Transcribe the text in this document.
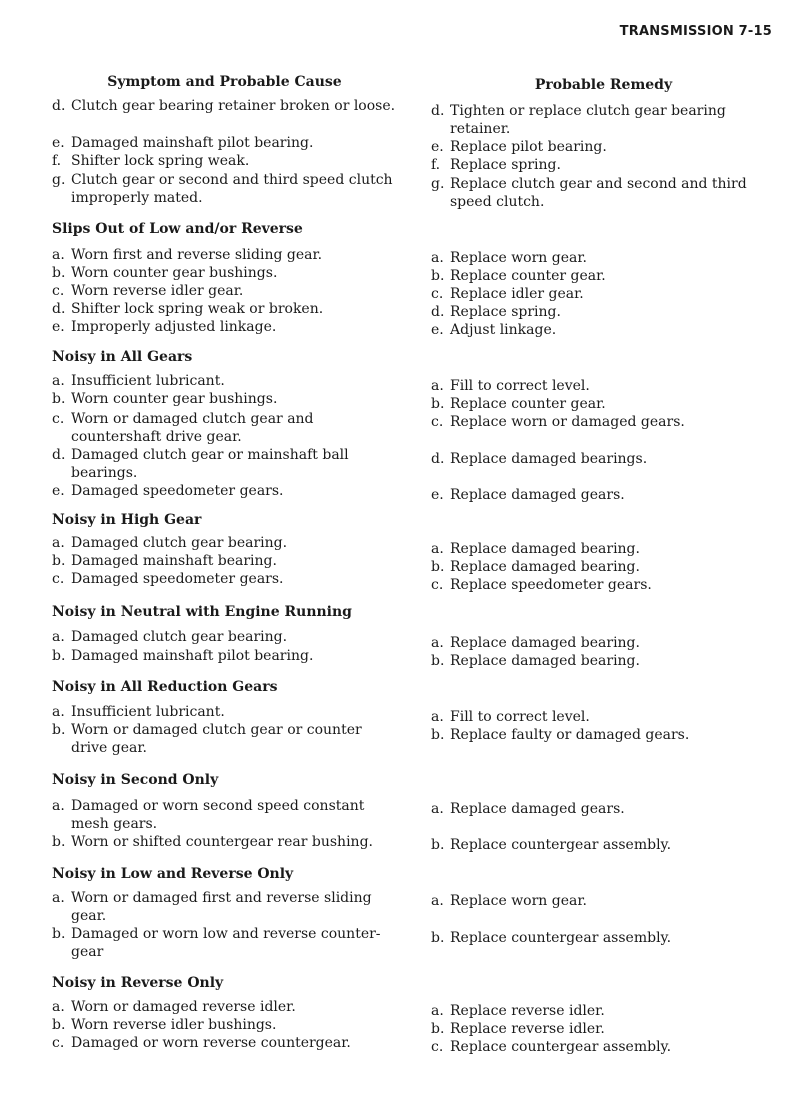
TRANSMISSION 7-15
Symptom and Probable Cause	Probable Remedy
d. Clutch gear bearing retainer broken or loose.
e. Damaged mainshaft pilot bearing.
f. Shifter lock spring weak.
g. Clutch gear or second and third speed clutch improperly mated.
d. Tighten or replace clutch gear bearing retainer.
e. Replace pilot bearing.
f. Replace spring.
g. Replace clutch gear and second and third speed clutch.
Slips Out of Low and/or Reverse
a. Worn first and reverse sliding gear.
b. Worn counter gear bushings.
c. Worn reverse idler gear.
d. Shifter lock spring weak or broken.
e. Improperly adjusted linkage.
a. Replace worn gear.
b. Replace counter gear.
c. Replace idler gear.
d. Replace spring.
e. Adjust linkage.
Noisy in All Gears
a. Insufficient lubricant.
b. Worn counter gear bushings.
c. Worn or damaged clutch gear and countershaft drive gear.
d. Damaged clutch gear or mainshaft ball bearings.
e. Damaged speedometer gears.
a. Fill to correct level.
b. Replace counter gear.
c. Replace worn or damaged gears.
d. Replace damaged bearings.
e. Replace damaged gears.
Noisy in High Gear
a. Damaged clutch gear bearing.
b. Damaged mainshaft bearing.
c. Damaged speedometer gears.
a. Replace damaged bearing.
b. Replace damaged bearing.
c. Replace speedometer gears.
Noisy in Neutral with Engine Running
a. Damaged clutch gear bearing.
b. Damaged mainshaft pilot bearing.
a. Replace damaged bearing.
b. Replace damaged bearing.
Noisy in All Reduction Gears
a. Insufficient lubricant.
b. Worn or damaged clutch gear or counter drive gear.
a. Fill to correct level.
b. Replace faulty or damaged gears.
Noisy in Second Only
a. Damaged or worn second speed constant mesh gears.
b. Worn or shifted countergear rear bushing.
a. Replace damaged gears.
b. Replace countergear assembly.
Noisy in Low and Reverse Only
a. Worn or damaged first and reverse sliding gear.
b. Damaged or worn low and reverse counter-gear
a. Replace worn gear.
b. Replace countergear assembly.
Noisy in Reverse Only
a. Worn or damaged reverse idler.
b. Worn reverse idler bushings.
c. Damaged or worn reverse countergear.
a. Replace reverse idler.
b. Replace reverse idler.
c. Replace countergear assembly.
